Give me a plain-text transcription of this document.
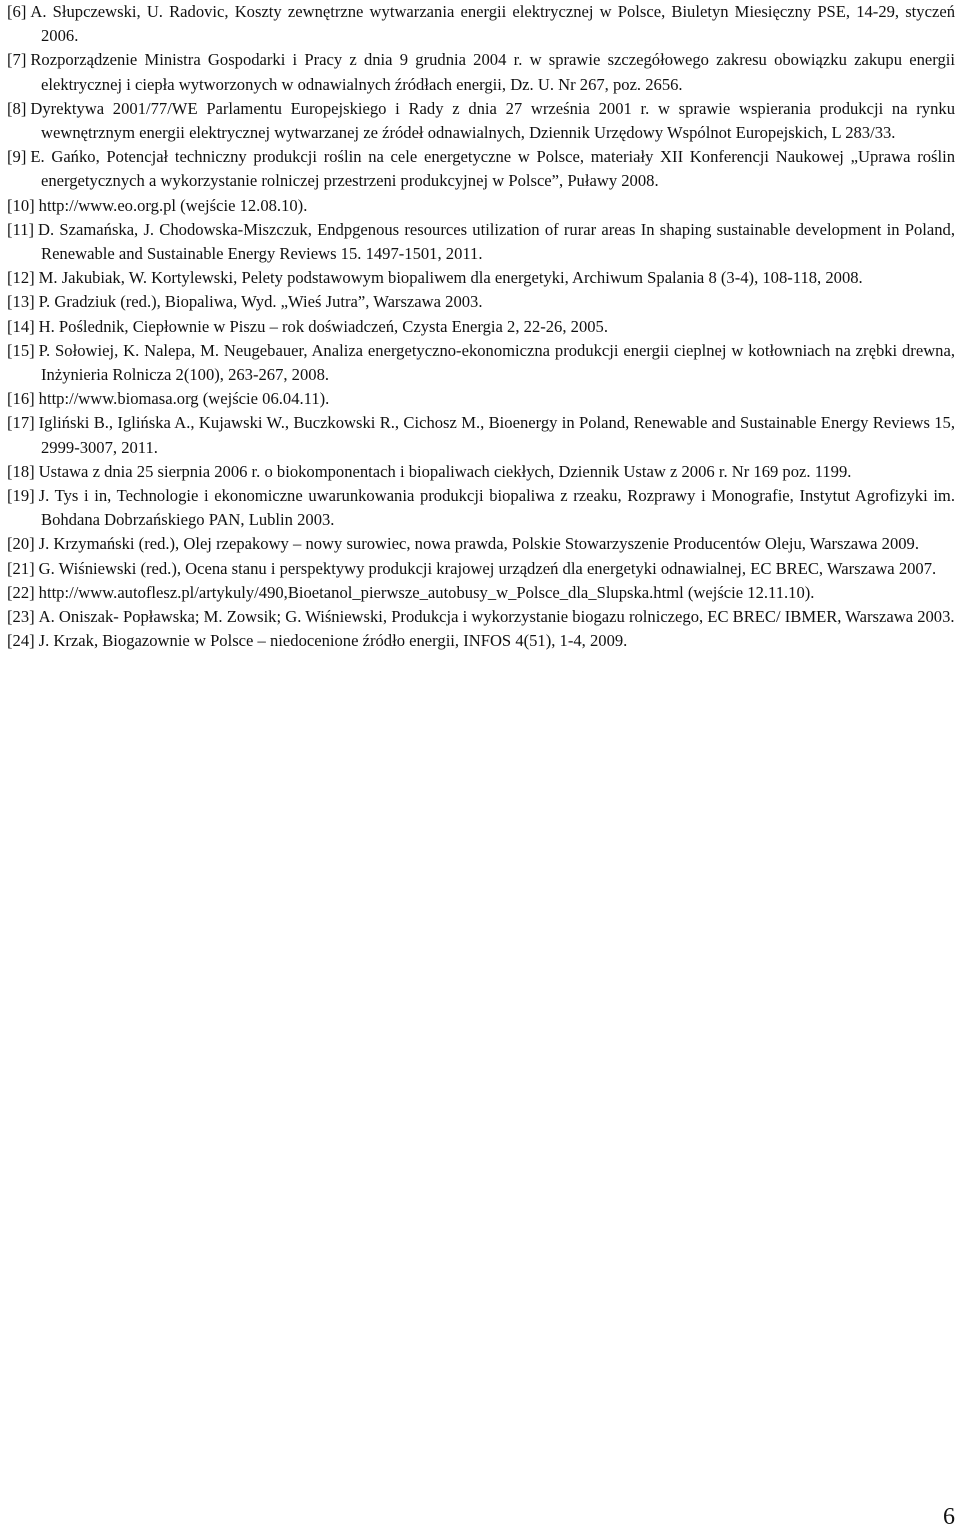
[6] A. Słupczewski, U. Radovic, Koszty zewnętrzne wytwarzania energii elektrycznej w Polsce, Biuletyn Miesięczny PSE, 14-29, styczeń 2006.
[7] Rozporządzenie Ministra Gospodarki i Pracy z dnia 9 grudnia 2004 r. w sprawie szczegółowego zakresu obowiązku zakupu energii elektrycznej i ciepła wytworzonych w odnawialnych źródłach energii, Dz. U. Nr 267, poz. 2656.
[8] Dyrektywa 2001/77/WE Parlamentu Europejskiego i Rady z dnia 27 września 2001 r. w sprawie wspierania produkcji na rynku wewnętrznym energii elektrycznej wytwarzanej ze źródeł odnawialnych, Dziennik Urzędowy Wspólnot Europejskich, L 283/33.
[9] E. Gańko, Potencjał techniczny produkcji roślin na cele energetyczne w Polsce, materiały XII Konferencji Naukowej „Uprawa roślin energetycznych a wykorzystanie rolniczej przestrzeni produkcyjnej w Polsce”, Puławy 2008.
[10] http://www.eo.org.pl (wejście 12.08.10).
[11] D. Szamańska, J. Chodowska-Miszczuk, Endpgenous resources utilization of rurar areas In shaping sustainable development in Poland, Renewable and Sustainable Energy Reviews 15. 1497-1501, 2011.
[12] M. Jakubiak, W. Kortylewski, Pelety podstawowym biopaliwem dla energetyki, Archiwum Spalania 8 (3-4), 108-118, 2008.
[13] P. Gradziuk (red.), Biopaliwa, Wyd. „Wieś Jutra”, Warszawa 2003.
[14] H. Poślednik, Ciepłownie w Piszu – rok doświadczeń, Czysta Energia 2, 22-26, 2005.
[15] P. Sołowiej, K. Nalepa, M. Neugebauer, Analiza energetyczno-ekonomiczna produkcji energii cieplnej w kotłowniach na zrębki drewna, Inżynieria Rolnicza 2(100), 263-267, 2008.
[16] http://www.biomasa.org (wejście 06.04.11).
[17] Igliński B., Iglińska A., Kujawski W., Buczkowski R., Cichosz M., Bioenergy in Poland, Renewable and Sustainable Energy Reviews 15, 2999-3007, 2011.
[18] Ustawa z dnia 25 sierpnia 2006 r. o biokomponentach i biopaliwach ciekłych, Dziennik Ustaw z 2006 r. Nr 169 poz. 1199.
[19] J. Tys i in, Technologie i ekonomiczne uwarunkowania produkcji biopaliwa z rzeaku, Rozprawy i Monografie, Instytut Agrofizyki im. Bohdana Dobrzańskiego PAN, Lublin 2003.
[20] J. Krzymański (red.), Olej rzepakowy – nowy surowiec, nowa prawda, Polskie Stowarzyszenie Producentów Oleju, Warszawa 2009.
[21] G. Wiśniewski (red.), Ocena stanu i perspektywy produkcji krajowej urządzeń dla energetyki odnawialnej, EC BREC, Warszawa 2007.
[22] http://www.autoflesz.pl/artykuly/490,Bioetanol_pierwsze_autobusy_w_Polsce_dla_Slupska.html (wejście 12.11.10).
[23] A. Oniszak- Popławska; M. Zowsik; G. Wiśniewski, Produkcja i wykorzystanie biogazu rolniczego, EC BREC/ IBMER, Warszawa 2003.
[24] J. Krzak, Biogazownie w Polsce – niedocenione źródło energii, INFOS 4(51), 1-4, 2009.
6
